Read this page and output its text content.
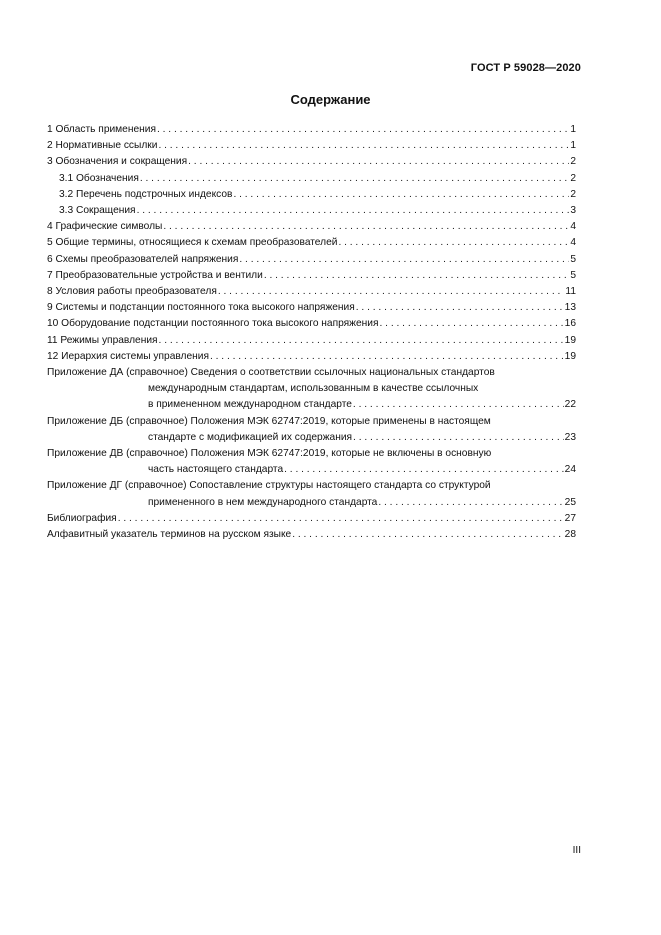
ГОСТ Р 59028—2020
Содержание
1 Область применения . . .	1
2 Нормативные ссылки . . .	1
3 Обозначения и сокращения . . .	2
3.1 Обозначения . . .	2
3.2 Перечень подстрочных индексов . . .	2
3.3 Сокращения . . .	3
4 Графические символы . . .	4
5 Общие термины, относящиеся к схемам преобразователей . . .	4
6 Схемы преобразователей напряжения . . .	5
7 Преобразовательные устройства и вентили . . .	5
8 Условия работы преобразователя . . .	11
9 Системы и подстанции постоянного тока высокого напряжения . . .	13
10 Оборудование подстанции постоянного тока высокого напряжения . . .	16
11 Режимы управления . . .	19
12 Иерархия системы управления . . .	19
Приложение ДА (справочное) Сведения о соответствии ссылочных национальных стандартов
международным стандартам, использованным в качестве ссылочных
в примененном международном стандарте . . .	22
Приложение ДБ (справочное) Положения МЭК 62747:2019, которые применены в настоящем
стандарте с модификацией их содержания . . .	23
Приложение ДВ (справочное) Положения МЭК 62747:2019, которые не включены в основную
часть настоящего стандарта . . .	24
Приложение ДГ (справочное) Сопоставление структуры настоящего стандарта со структурой
примененного в нем международного стандарта . . .	25
Библиография . . .	27
Алфавитный указатель терминов на русском языке . . .	28
III
